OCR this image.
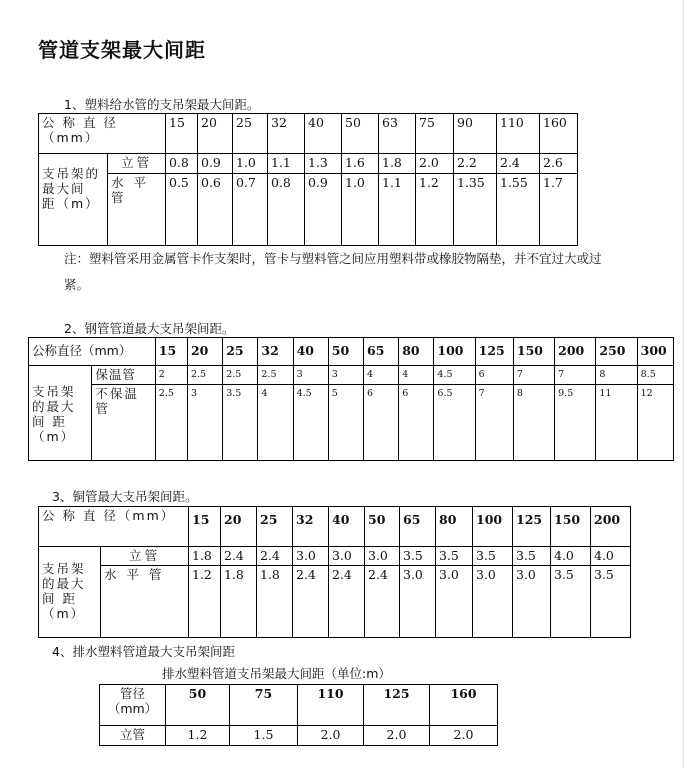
管道支架最大间距
1、塑料给水管的支吊架最大间距。
公 称 直 径（mm）		15	20	25	32	40	50	63	75	90	110	160
支吊架的最大间 距（m）	立管	0.8	0.9	1.0	1.1	1.3	1.6	1.8	2.0	2.2	2.4	2.6
	水 平 管	0.5	0.6	0.7	0.8	0.9	1.0	1.1	1.2	1.35	1.55	1.7
注：塑料管采用金属管卡作支架时，管卡与塑料管之间应用塑料带或橡胶物隔垫，并不宜过大或过紧。
2、钢管管道最大支吊架间距。
公称直径（mm）		15	20	25	32	40	50	65	80	100	125	150	200	250	300
支吊架的最大间 距（m）	保温管	2	2.5	2.5	2.5	3	3	4	4	4.5	6	7	7	8	8.5
	不保温管	2.5	3	3.5	4	4.5	5	6	6	6.5	7	8	9.5	11	12
3、铜管最大支吊架间距。
公 称 直 径（mm）		15	20	25	32	40	50	65	80	100	125	150	200
支吊架的最大间 距（m）	立管	1.8	2.4	2.4	3.0	3.0	3.0	3.5	3.5	3.5	3.5	4.0	4.0
	水 平 管	1.2	1.8	1.8	2.4	2.4	2.4	3.0	3.0	3.0	3.0	3.5	3.5
4、排水塑料管道最大支吊架间距
排水塑料管道支吊架最大间距（单位:m）
管径（mm）	50	75	110	125	160
立管	1.2	1.5	2.0	2.0	2.0
